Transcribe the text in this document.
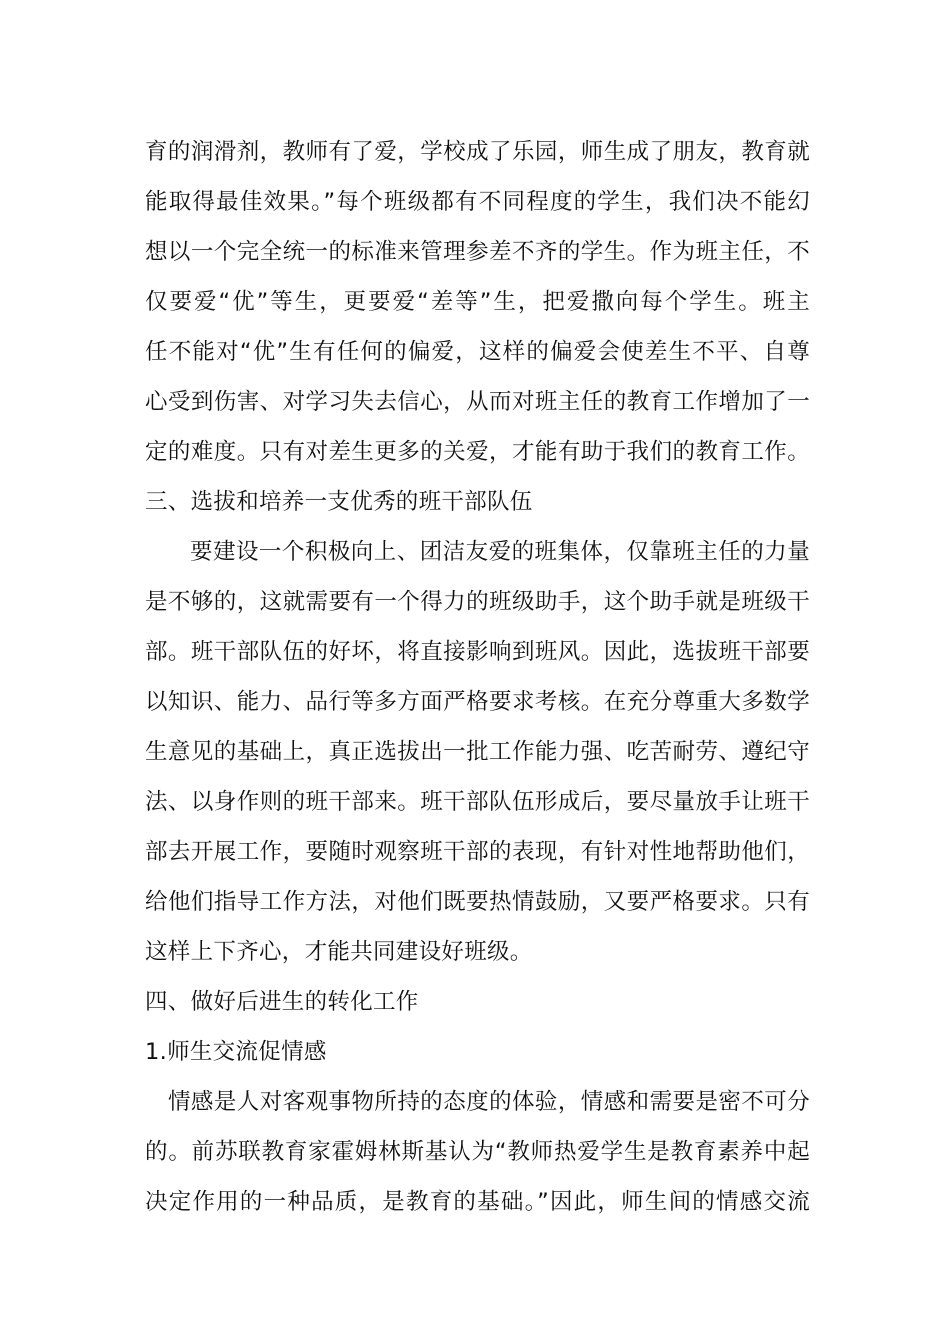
育的润滑剂，教师有了爱，学校成了乐园，师生成了朋友，教育就
能取得最佳效果。”每个班级都有不同程度的学生，我们决不能幻
想以一个完全统一的标准来管理参差不齐的学生。作为班主任，不
仅要爱“优”等生，更要爱“差等”生，把爱撒向每个学生。班主
任不能对“优”生有任何的偏爱，这样的偏爱会使差生不平、自尊
心受到伤害、对学习失去信心，从而对班主任的教育工作增加了一
定的难度。只有对差生更多的关爱，才能有助于我们的教育工作。
三、选拔和培养一支优秀的班干部队伍
要建设一个积极向上、团洁友爱的班集体，仅靠班主任的力量
是不够的，这就需要有一个得力的班级助手，这个助手就是班级干
部。班干部队伍的好坏，将直接影响到班风。因此，选拔班干部要
以知识、能力、品行等多方面严格要求考核。在充分尊重大多数学
生意见的基础上，真正选拔出一批工作能力强、吃苦耐劳、遵纪守
法、以身作则的班干部来。班干部队伍形成后，要尽量放手让班干
部去开展工作，要随时观察班干部的表现，有针对性地帮助他们，
给他们指导工作方法，对他们既要热情鼓励，又要严格要求。只有
这样上下齐心，才能共同建设好班级。
四、做好后进生的转化工作
1.师生交流促情感
情感是人对客观事物所持的态度的体验，情感和需要是密不可分
的。前苏联教育家霍姆林斯基认为“教师热爱学生是教育素养中起
决定作用的一种品质，是教育的基础。”因此，师生间的情感交流
